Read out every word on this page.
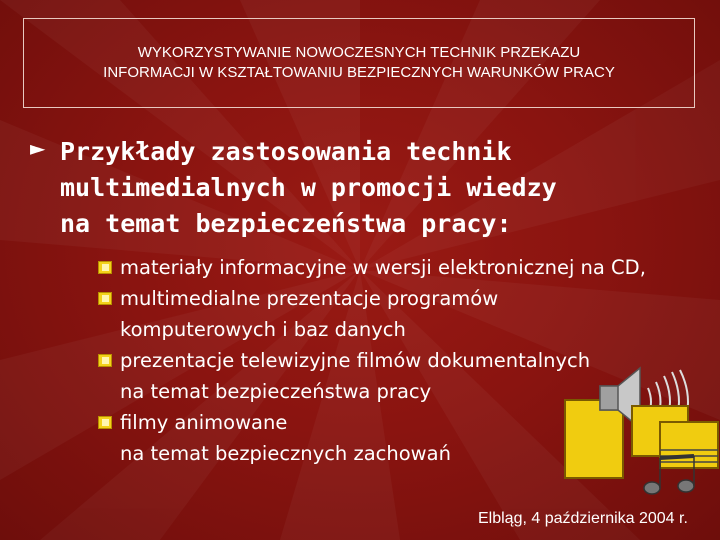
WYKORZYSTYWANIE NOWOCZESNYCH TECHNIK PRZEKAZU
INFORMACJI W KSZTAŁTOWANIU BEZPIECZNYCH WARUNKÓW PRACY
► Przykłady zastosowania technik
multimedialnych w promocji wiedzy
na temat bezpieczeństwa pracy:
materiały informacyjne w wersji elektronicznej na CD,
multimedialne prezentacje programów
komputerowych i baz danych
prezentacje telewizyjne filmów dokumentalnych
na temat bezpieczeństwa pracy
filmy animowane
na temat bezpiecznych zachowań
Elbląg, 4 października 2004 r.
